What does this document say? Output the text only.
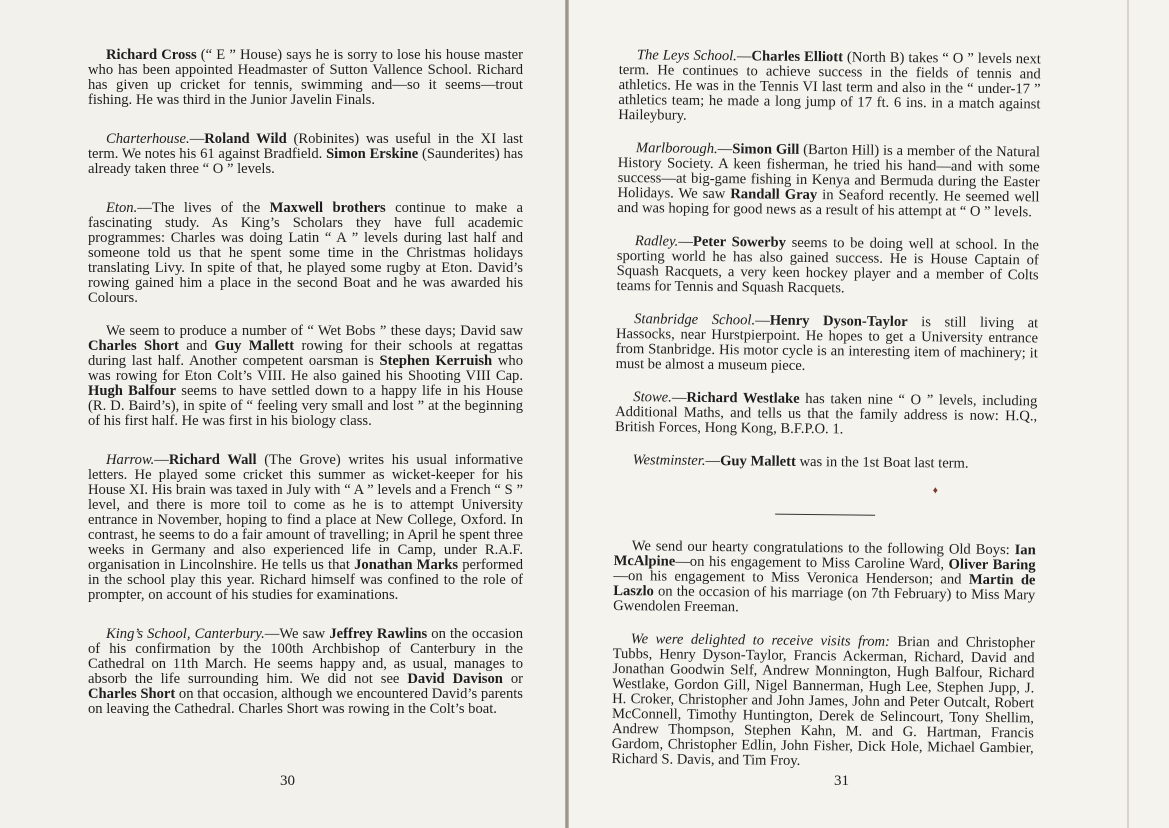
Richard Cross (“ E ” House) says he is sorry to lose his house master who has been appointed Headmaster of Sutton Vallence School. Richard has given up cricket for tennis, swimming and—so it seems—trout fishing. He was third in the Junior Javelin Finals.

Charterhouse.—Roland Wild (Robinites) was useful in the XI last term. We notes his 61 against Bradfield. Simon Erskine (Saunderites) has already taken three “ O ” levels.

Eton.—The lives of the Maxwell brothers continue to make a fascinating study. As King’s Scholars they have full academic programmes: Charles was doing Latin “ A ” levels during last half and someone told us that he spent some time in the Christmas holidays translating Livy. In spite of that, he played some rugby at Eton. David’s rowing gained him a place in the second Boat and he was awarded his Colours.

We seem to produce a number of “ Wet Bobs ” these days; David saw Charles Short and Guy Mallett rowing for their schools at regattas during last half. Another competent oarsman is Stephen Kerruish who was rowing for Eton Colt’s VIII. He also gained his Shooting VIII Cap. Hugh Balfour seems to have settled down to a happy life in his House (R. D. Baird’s), in spite of “ feeling very small and lost ” at the beginning of his first half. He was first in his biology class.

Harrow.—Richard Wall (The Grove) writes his usual informative letters. He played some cricket this summer as wicket-keeper for his House XI. His brain was taxed in July with “ A ” levels and a French “ S ” level, and there is more toil to come as he is to attempt University entrance in November, hoping to find a place at New College, Oxford. In contrast, he seems to do a fair amount of travelling; in April he spent three weeks in Germany and also experienced life in Camp, under R.A.F. organisation in Lincolnshire. He tells us that Jonathan Marks performed in the school play this year. Richard himself was confined to the role of prompter, on account of his studies for examinations.

King’s School, Canterbury.—We saw Jeffrey Rawlins on the occasion of his confirmation by the 100th Archbishop of Canterbury in the Cathedral on 11th March. He seems happy and, as usual, manages to absorb the life surrounding him. We did not see David Davison or Charles Short on that occasion, although we encountered David’s parents on leaving the Cathedral. Charles Short was rowing in the Colt’s boat.

30

The Leys School.—Charles Elliott (North B) takes “ O ” levels next term. He continues to achieve success in the fields of tennis and athletics. He was in the Tennis VI last term and also in the “ under-17 ” athletics team; he made a long jump of 17 ft. 6 ins. in a match against Haileybury.

Marlborough.—Simon Gill (Barton Hill) is a member of the Natural History Society. A keen fisherman, he tried his hand—and with some success—at big-game fishing in Kenya and Bermuda during the Easter Holidays. We saw Randall Gray in Seaford recently. He seemed well and was hoping for good news as a result of his attempt at “ O ” levels.

Radley.—Peter Sowerby seems to be doing well at school. In the sporting world he has also gained success. He is House Captain of Squash Racquets, a very keen hockey player and a member of Colts teams for Tennis and Squash Racquets.

Stanbridge School.—Henry Dyson-Taylor is still living at Hassocks, near Hurstpierpoint. He hopes to get a University entrance from Stanbridge. His motor cycle is an interesting item of machinery; it must be almost a museum piece.

Stowe.—Richard Westlake has taken nine “ O ” levels, including Additional Maths, and tells us that the family address is now: H.Q., British Forces, Hong Kong, B.F.P.O. 1.

Westminster.—Guy Mallett was in the 1st Boat last term.

♦

We send our hearty congratulations to the following Old Boys: Ian McAlpine—on his engagement to Miss Caroline Ward, Oliver Baring—on his engagement to Miss Veronica Henderson; and Martin de Laszlo on the occasion of his marriage (on 7th February) to Miss Mary Gwendolen Freeman.

We were delighted to receive visits from: Brian and Christopher Tubbs, Henry Dyson-Taylor, Francis Ackerman, Richard, David and Jonathan Goodwin Self, Andrew Monnington, Hugh Balfour, Richard Westlake, Gordon Gill, Nigel Bannerman, Hugh Lee, Stephen Jupp, J. H. Croker, Christopher and John James, John and Peter Outcalt, Robert McConnell, Timothy Huntington, Derek de Selincourt, Tony Shellim, Andrew Thompson, Stephen Kahn, M. and G. Hartman, Francis Gardom, Christopher Edlin, John Fisher, Dick Hole, Michael Gambier, Richard S. Davis, and Tim Froy.

31
